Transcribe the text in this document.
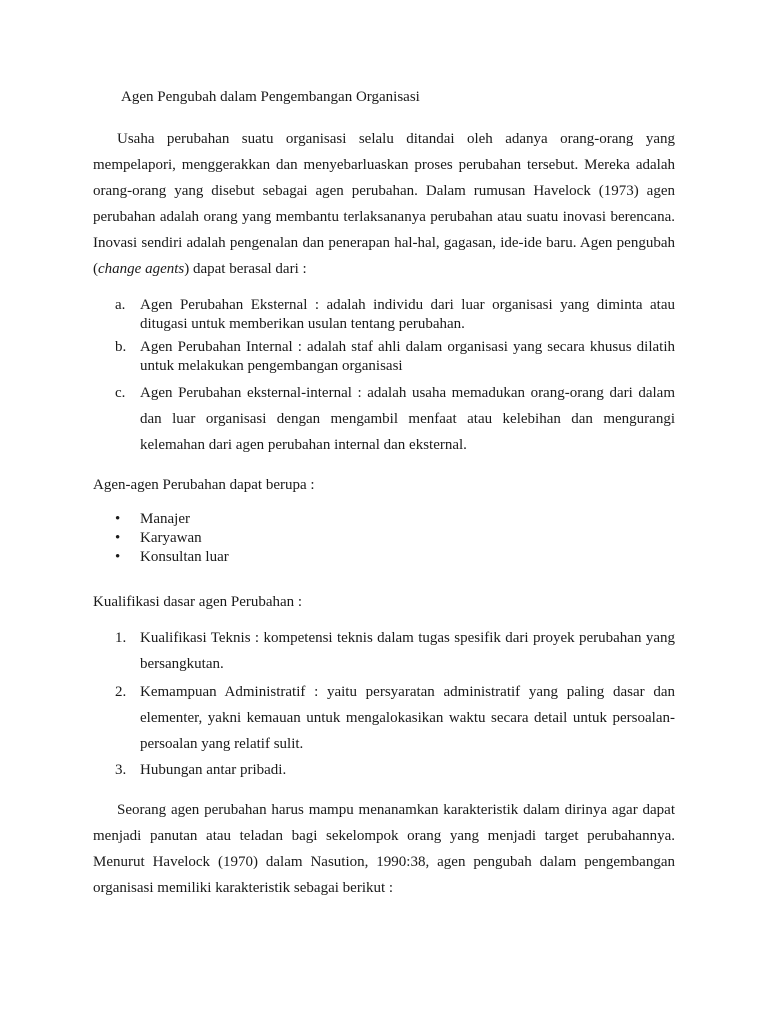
Agen Pengubah dalam Pengembangan Organisasi

Usaha perubahan suatu organisasi selalu ditandai oleh adanya orang-orang yang mempelapori, menggerakkan dan menyebarluaskan proses perubahan tersebut. Mereka adalah orang-orang yang disebut sebagai agen perubahan. Dalam rumusan Havelock (1973) agen perubahan adalah orang yang membantu terlaksananya perubahan atau suatu inovasi berencana. Inovasi sendiri adalah pengenalan dan penerapan hal-hal, gagasan, ide-ide baru. Agen pengubah (change agents) dapat berasal dari :

a. Agen Perubahan Eksternal : adalah individu dari luar organisasi yang diminta atau ditugasi untuk memberikan usulan tentang perubahan.
b. Agen Perubahan Internal : adalah staf ahli dalam organisasi yang secara khusus dilatih untuk melakukan pengembangan organisasi
c. Agen Perubahan eksternal-internal : adalah usaha memadukan orang-orang dari dalam dan luar organisasi dengan mengambil menfaat atau kelebihan dan mengurangi kelemahan dari agen perubahan internal dan eksternal.

Agen-agen Perubahan dapat berupa :

• Manajer
• Karyawan
• Konsultan luar

Kualifikasi dasar agen Perubahan :

1. Kualifikasi Teknis : kompetensi teknis dalam tugas spesifik dari proyek perubahan yang bersangkutan.
2. Kemampuan Administratif : yaitu persyaratan administratif yang paling dasar dan elementer, yakni kemauan untuk mengalokasikan waktu secara detail untuk persoalan-persoalan yang relatif sulit.
3. Hubungan antar pribadi.

Seorang agen perubahan harus mampu menanamkan karakteristik dalam dirinya agar dapat menjadi panutan atau teladan bagi sekelompok orang yang menjadi target perubahannya. Menurut Havelock (1970) dalam Nasution, 1990:38, agen pengubah dalam pengembangan organisasi memiliki karakteristik sebagai berikut :
